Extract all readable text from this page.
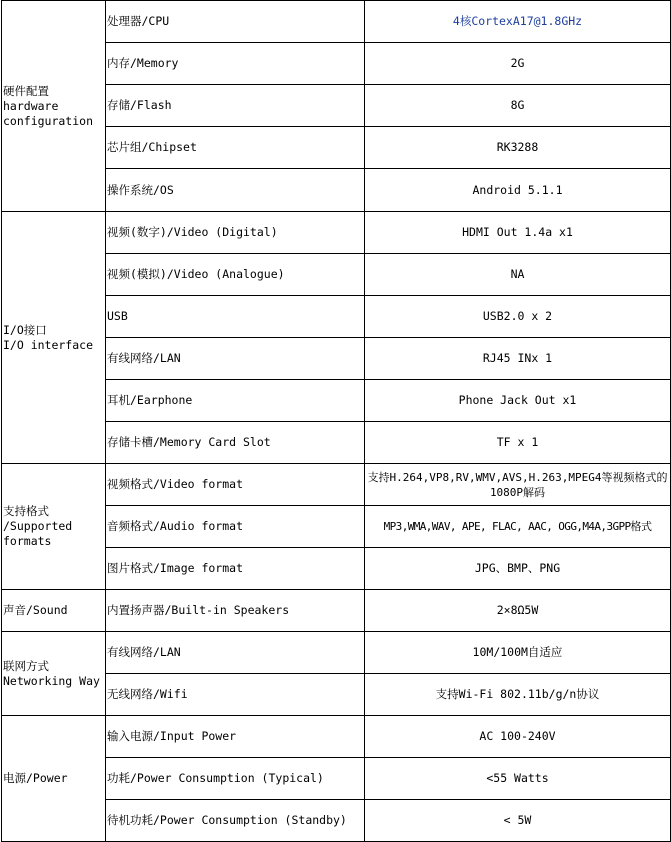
硬件配置
hardware
configuration	处理器/CPU	4核CortexA17@1.8GHz
	内存/Memory	2G
	存储/Flash	8G
	芯片组/Chipset	RK3288
	操作系统/OS	Android 5.1.1
I/O接口
I/O interface	视频(数字)/Video (Digital)	HDMI Out 1.4a x1
	视频(模拟)/Video (Analogue)	NA
	USB	USB2.0 x 2
	有线网络/LAN	RJ45 INx 1
	耳机/Earphone	Phone Jack Out x1
	存储卡槽/Memory Card Slot	TF x 1
支持格式
/Supported
formats	视频格式/Video format	支持H.264,VP8,RV,WMV,AVS,H.263,MPEG4等视频格式的1080P解码
	音频格式/Audio format	MP3,WMA,WAV, APE, FLAC, AAC, OGG,M4A,3GPP格式
	图片格式/Image format	JPG、BMP、PNG
声音/Sound	内置扬声器/Built-in Speakers	2×8Ω5W
联网方式
Networking Way	有线网络/LAN	10M/100M自适应
	无线网络/Wifi	支持Wi-Fi 802.11b/g/n协议
电源/Power	输入电源/Input Power	AC 100-240V
	功耗/Power Consumption (Typical)	<55 Watts
	待机功耗/Power Consumption (Standby)	< 5W
